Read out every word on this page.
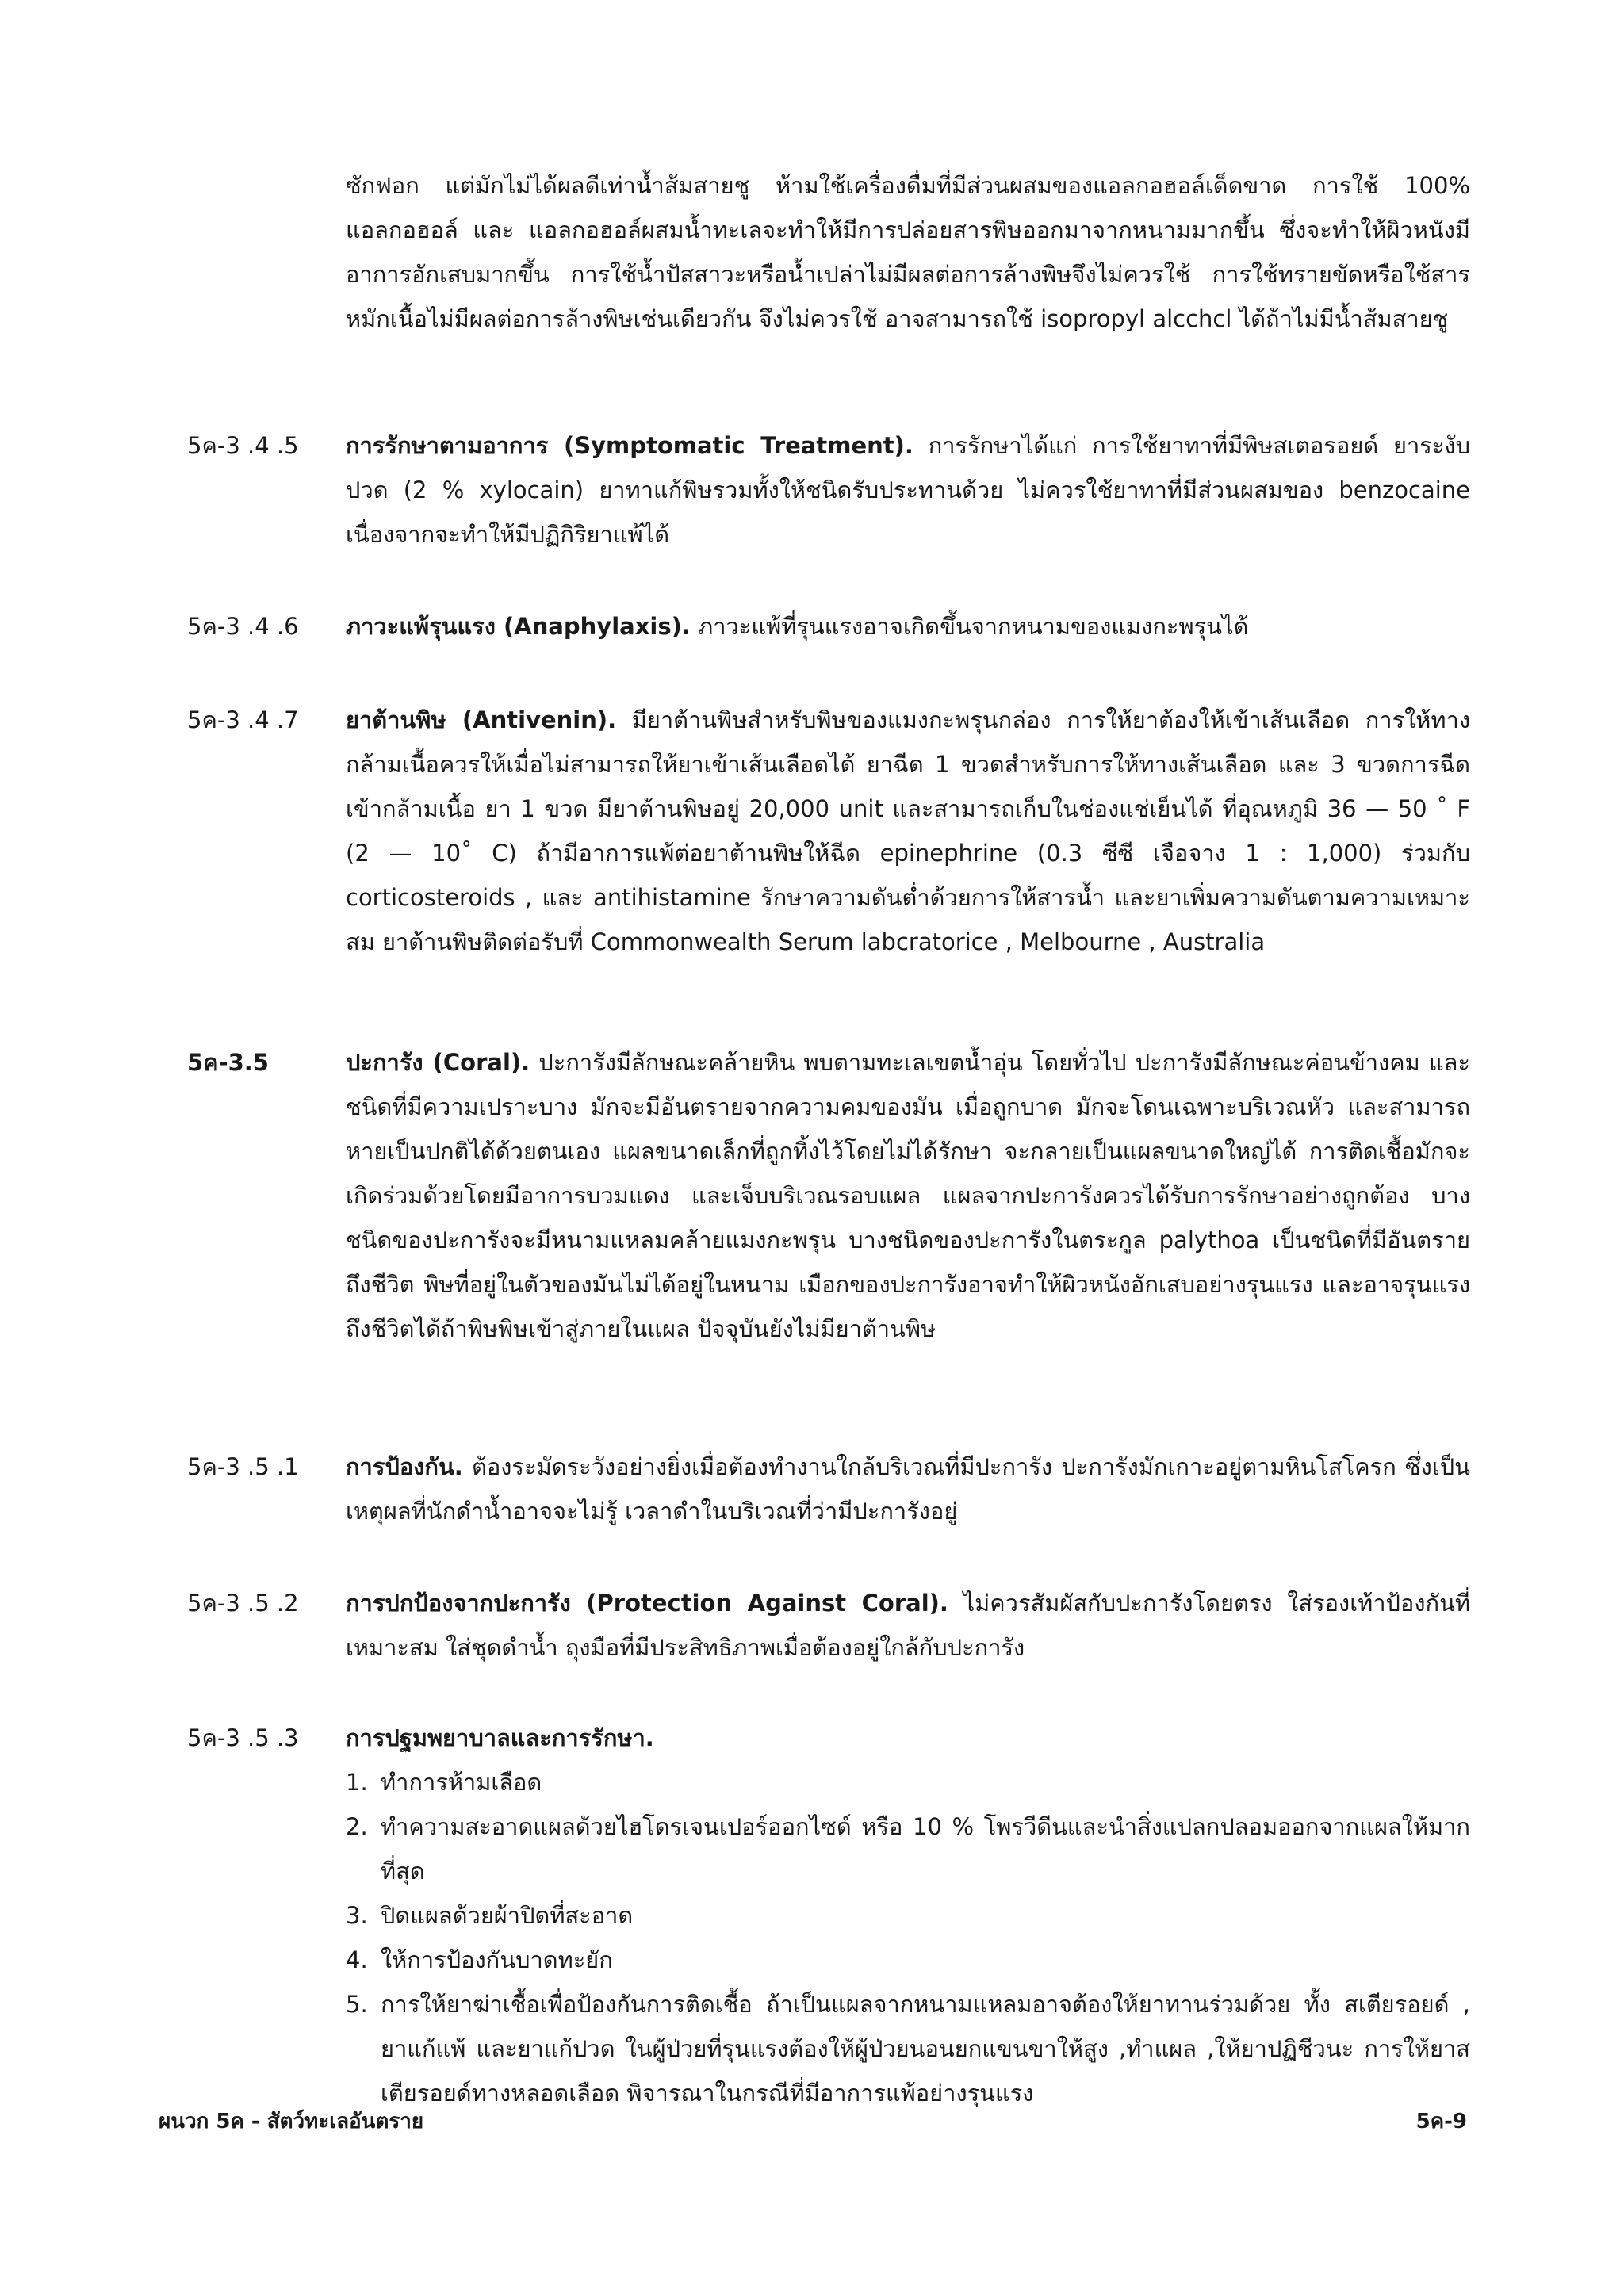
ซักฟอก แต่มักไม่ได้ผลดีเท่าน้ำส้มสายชู ห้ามใช้เครื่องดื่มที่มีส่วนผสมของแอลกอฮอล์เด็ดขาด การใช้ 100% แอลกอฮอล์ และ แอลกอฮอล์ผสมน้ำทะเลจะทำให้มีการปล่อยสารพิษออกมาจากหนามมากขึ้น ซึ่งจะทำให้ผิวหนังมีอาการอักเสบมากขึ้น การใช้น้ำปัสสาวะหรือน้ำเปล่าไม่มีผลต่อการล้างพิษจึงไม่ควรใช้ การใช้ทรายขัดหรือใช้สารหมักเนื้อไม่มีผลต่อการล้างพิษเช่นเดียวกัน จึงไม่ควรใช้ อาจสามารถใช้ isopropyl alcchcl ได้ถ้าไม่มีน้ำส้มสายชู
5ค-3 .4 .5 การรักษาตามอาการ (Symptomatic Treatment). การรักษาได้แก่ การใช้ยาทาที่มีพิษสเตอรอยด์ ยาระงับปวด (2 % xylocain) ยาทาแก้พิษรวมทั้งให้ชนิดรับประทานด้วย ไม่ควรใช้ยาทาที่มีส่วนผสมของ benzocaine เนื่องจากจะทำให้มีปฏิกิริยาแพ้ได้
5ค-3 .4 .6 ภาวะแพ้รุนแรง (Anaphylaxis). ภาวะแพ้ที่รุนแรงอาจเกิดขึ้นจากหนามของแมงกะพรุนได้
5ค-3 .4 .7 ยาต้านพิษ (Antivenin). มียาต้านพิษสำหรับพิษของแมงกะพรุนกล่อง การให้ยาต้องให้เข้าเส้นเลือด การให้ทางกล้ามเนื้อควรให้เมื่อไม่สามารถให้ยาเข้าเส้นเลือดได้ ยาฉีด 1 ขวดสำหรับการให้ทางเส้นเลือด และ 3 ขวดการฉีดเข้ากล้ามเนื้อ ยา 1 ขวด มียาต้านพิษอยู่ 20,000 unit และสามารถเก็บในช่องแช่เย็นได้ ที่อุณหภูมิ 36 — 50 ˚ F (2 — 10˚ C) ถ้ามีอาการแพ้ต่อยาต้านพิษให้ฉีด epinephrine (0.3 ซีซี เจือจาง 1 : 1,000) ร่วมกับ corticosteroids , และ antihistamine รักษาความดันต่ำด้วยการให้สารน้ำ และยาเพิ่มความดันตามความเหมาะสม ยาต้านพิษติดต่อรับที่ Commonwealth Serum labcratorice , Melbourne , Australia
5ค-3.5	ปะการัง (Coral). ปะการังมีลักษณะคล้ายหิน พบตามทะเลเขตน้ำอุ่น โดยทั่วไป ปะการังมีลักษณะค่อนข้างคม และชนิดที่มีความเปราะบาง มักจะมีอันตรายจากความคมของมัน เมื่อถูกบาด มักจะโดนเฉพาะบริเวณหัว และสามารถหายเป็นปกติได้ด้วยตนเอง แผลขนาดเล็กที่ถูกทิ้งไว้โดยไม่ได้รักษา จะกลายเป็นแผลขนาดใหญ่ได้ การติดเชื้อมักจะเกิดร่วมด้วยโดยมีอาการบวมแดง และเจ็บบริเวณรอบแผล แผลจากปะการังควรได้รับการรักษาอย่างถูกต้อง บางชนิดของปะการังจะมีหนามแหลมคล้ายแมงกะพรุน บางชนิดของปะการังในตระกูล palythoa เป็นชนิดที่มีอันตรายถึงชีวิต พิษที่อยู่ในตัวของมันไม่ได้อยู่ในหนาม เมือกของปะการังอาจทำให้ผิวหนังอักเสบอย่างรุนแรง และอาจรุนแรงถึงชีวิตได้ถ้าพิษพิษเข้าสู่ภายในแผล ปัจจุบันยังไม่มียาต้านพิษ
5ค-3 .5 .1 การป้องกัน. ต้องระมัดระวังอย่างยิ่งเมื่อต้องทำงานใกล้บริเวณที่มีปะการัง ปะการังมักเกาะอยู่ตามหินโสโครก ซึ่งเป็นเหตุผลที่นักดำน้ำอาจจะไม่รู้ เวลาดำในบริเวณที่ว่ามีปะการังอยู่
5ค-3 .5 .2 การปกป้องจากปะการัง (Protection Against Coral). ไม่ควรสัมผัสกับปะการังโดยตรง ใส่รองเท้าป้องกันที่เหมาะสม ใส่ชุดดำน้ำ ถุงมือที่มีประสิทธิภาพเมื่อต้องอยู่ใกล้กับปะการัง
5ค-3 .5 .3 การปฐมพยาบาลและการรักษา.
1. ทำการห้ามเลือด
2. ทำความสะอาดแผลด้วยไฮโดรเจนเปอร์ออกไซด์ หรือ 10 % โพรวีดีนและนำสิ่งแปลกปลอมออกจากแผลให้มากที่สุด
3. ปิดแผลด้วยผ้าปิดที่สะอาด
4. ให้การป้องกันบาดทะยัก
5. การให้ยาฆ่าเชื้อเพื่อป้องกันการติดเชื้อ ถ้าเป็นแผลจากหนามแหลมอาจต้องให้ยาทานร่วมด้วย ทั้ง สเตียรอยด์ , ยาแก้แพ้ และยาแก้ปวด ในผู้ป่วยที่รุนแรงต้องให้ผู้ป่วยนอนยกแขนขาให้สูง ,ทำแผล ,ให้ยาปฏิชีวนะ การให้ยาสเตียรอยด์ทางหลอดเลือด พิจารณาในกรณีที่มีอาการแพ้อย่างรุนแรง
ผนวก 5ค - สัตว์ทะเลอันตราย	5ค-9
